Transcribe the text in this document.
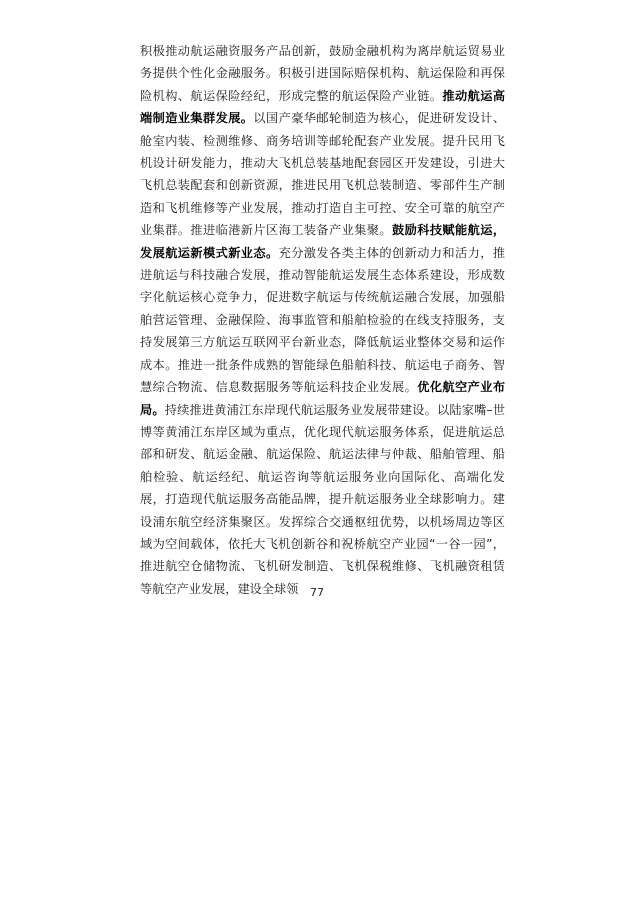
积极推动航运融资服务产品创新，鼓励金融机构为离岸航运贸易业务提供个性化金融服务。积极引进国际赔保机构、航运保险和再保险机构、航运保险经纪，形成完整的航运保险产业链。推动航运高端制造业集群发展。以国产豪华邮轮制造为核心，促进研发设计、舱室内装、检测维修、商务培训等邮轮配套产业发展。提升民用飞机设计研发能力，推动大飞机总装基地配套园区开发建设，引进大飞机总装配套和创新资源，推进民用飞机总装制造、零部件生产制造和飞机维修等产业发展，推动打造自主可控、安全可靠的航空产业集群。推进临港新片区海工装备产业集聚。鼓励科技赋能航运，发展航运新模式新业态。充分激发各类主体的创新动力和活力，推进航运与科技融合发展，推动智能航运发展生态体系建设，形成数字化航运核心竞争力，促进数字航运与传统航运融合发展，加强船舶营运管理、金融保险、海事监管和船舶检验的在线支持服务，支持发展第三方航运互联网平台新业态，降低航运业整体交易和运作成本。推进一批条件成熟的智能绿色船舶科技、航运电子商务、智慧综合物流、信息数据服务等航运科技企业发展。优化航空产业布局。持续推进黄浦江东岸现代航运服务业发展带建设。以陆家嘴–世博等黄浦江东岸区域为重点，优化现代航运服务体系，促进航运总部和研发、航运金融、航运保险、航运法律与仲裁、船舶管理、船舶检验、航运经纪、航运咨询等航运服务业向国际化、高端化发展，打造现代航运服务高能品牌，提升航运服务业全球影响力。建设浦东航空经济集聚区。发挥综合交通枢纽优势，以机场周边等区域为空间载体，依托大飞机创新谷和祝桥航空产业园“一谷一园”，推进航空仓储物流、飞机研发制造、飞机保税维修、飞机融资租赁等航空产业发展，建设全球领	77
